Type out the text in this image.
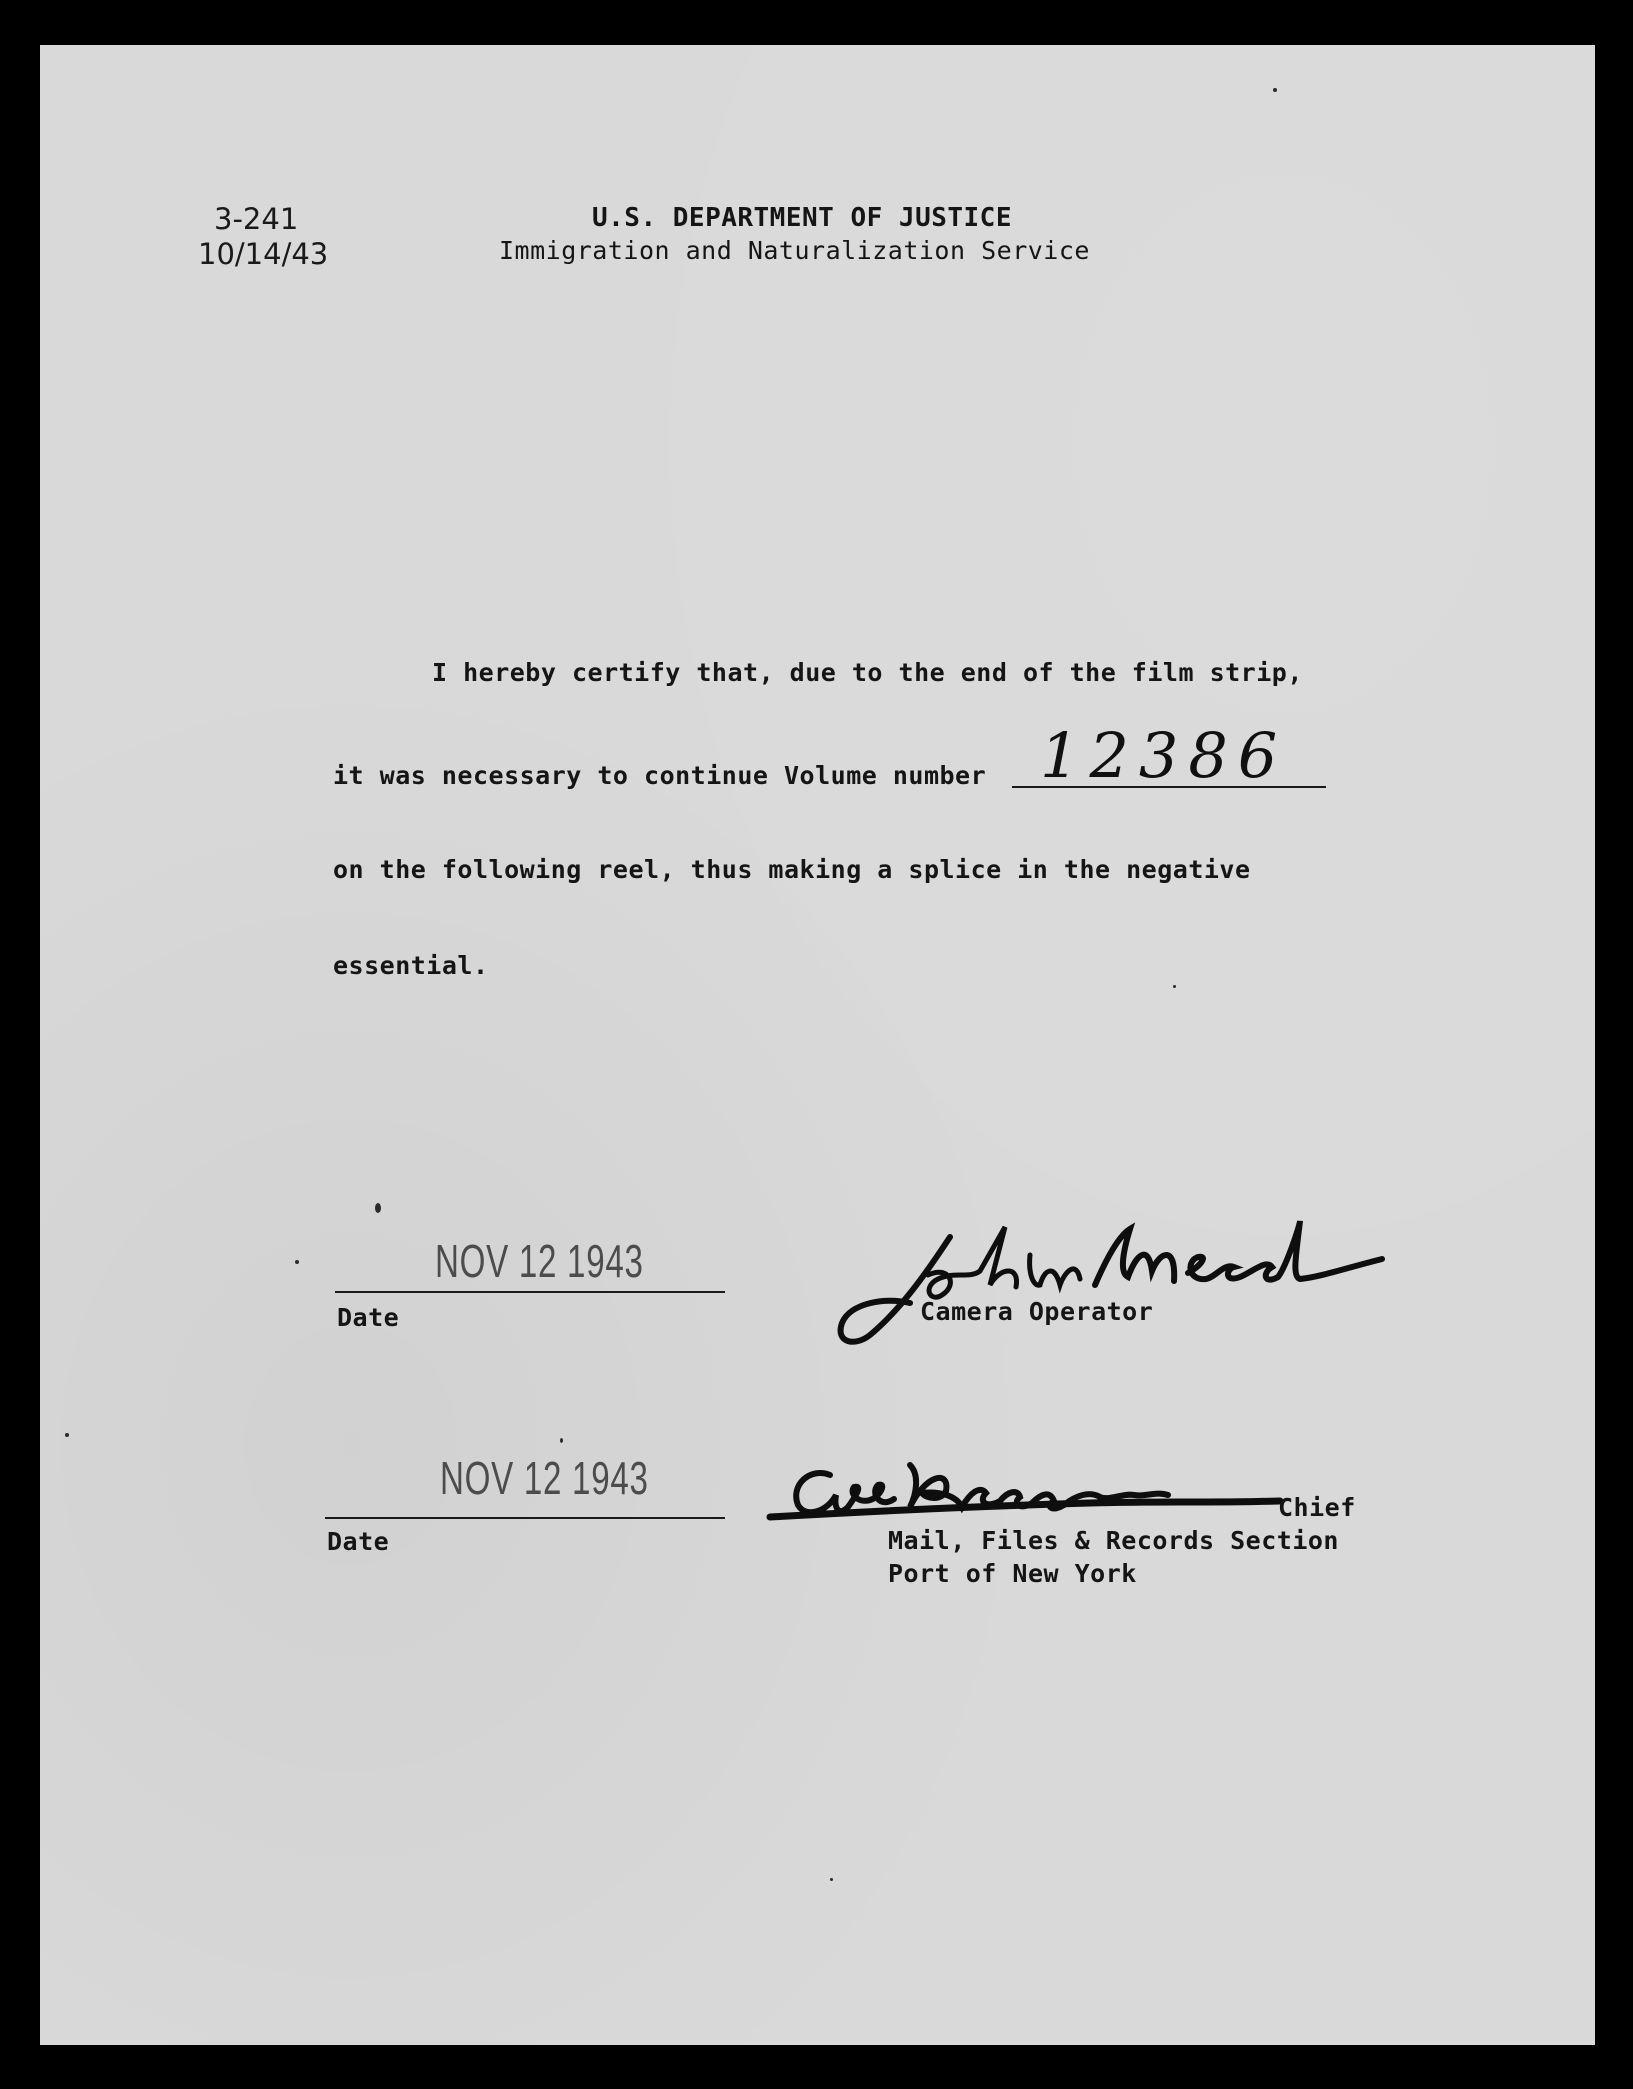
3-241
10/14/43
U.S. DEPARTMENT OF JUSTICE
Immigration and Naturalization Service
I hereby certify that, due to the end of the film strip,
it was necessary to continue Volume number 12386
on the following reel, thus making a splice in the negative
essential.
NOV 12 1943
Date	Camera Operator
NOV 12 1943
Date
Chief
Mail, Files & Records Section
Port of New York
